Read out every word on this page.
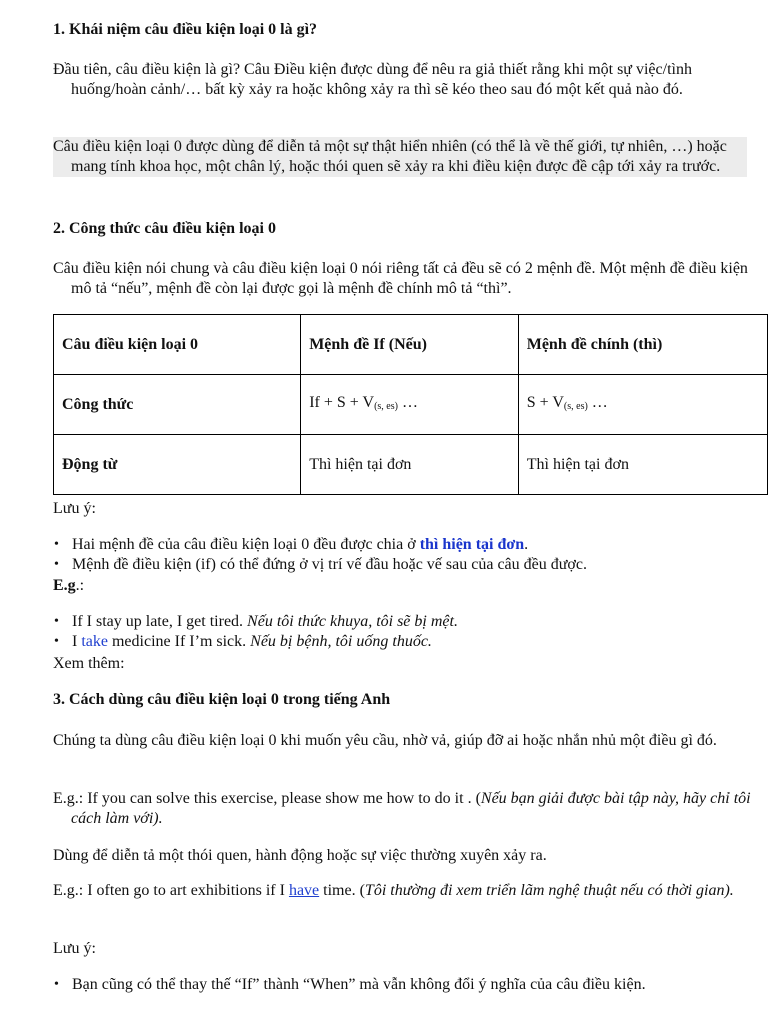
1. Khái niệm câu điều kiện loại 0 là gì?

Đầu tiên, câu điều kiện là gì? Câu Điều kiện được dùng để nêu ra giả thiết rằng khi một sự việc/tình huống/hoàn cảnh/… bất kỳ xảy ra hoặc không xảy ra thì sẽ kéo theo sau đó một kết quả nào đó.

Câu điều kiện loại 0 được dùng để diễn tả một sự thật hiển nhiên (có thể là về thế giới, tự nhiên, …) hoặc mang tính khoa học, một chân lý, hoặc thói quen sẽ xảy ra khi điều kiện được đề cập tới xảy ra trước.

2. Công thức câu điều kiện loại 0

Câu điều kiện nói chung và câu điều kiện loại 0 nói riêng tất cả đều sẽ có 2 mệnh đề. Một mệnh đề điều kiện mô tả “nếu”, mệnh đề còn lại được gọi là mệnh đề chính mô tả “thì”.

Câu điều kiện loại 0	Mệnh đề If (Nếu)	Mệnh đề chính (thì)
Công thức	$If + S + V_{(s, es)}$ …	$S + V_{(s, es)}$ …
Động từ	Thì hiện tại đơn	Thì hiện tại đơn

Lưu ý:

• Hai mệnh đề của câu điều kiện loại 0 đều được chia ở thì hiện tại đơn.
• Mệnh đề điều kiện (if) có thể đứng ở vị trí vế đầu hoặc vế sau của câu đều được.

E.g.:

• If I stay up late, I get tired. Nếu tôi thức khuya, tôi sẽ bị mệt.
• I take medicine If I’m sick. Nếu bị bệnh, tôi uống thuốc.

Xem thêm:

3. Cách dùng câu điều kiện loại 0 trong tiếng Anh

Chúng ta dùng câu điều kiện loại 0 khi muốn yêu cầu, nhờ vả, giúp đỡ ai hoặc nhắn nhủ một điều gì đó.

E.g.: If you can solve this exercise, please show me how to do it . (Nếu bạn giải được bài tập này, hãy chỉ tôi cách làm với).

Dùng để diễn tả một thói quen, hành động hoặc sự việc thường xuyên xảy ra.

E.g.: I often go to art exhibitions if I have time. (Tôi thường đi xem triển lãm nghệ thuật nếu có thời gian).

Lưu ý:

• Bạn cũng có thể thay thế “If” thành “When” mà vẫn không đổi ý nghĩa của câu điều kiện.
